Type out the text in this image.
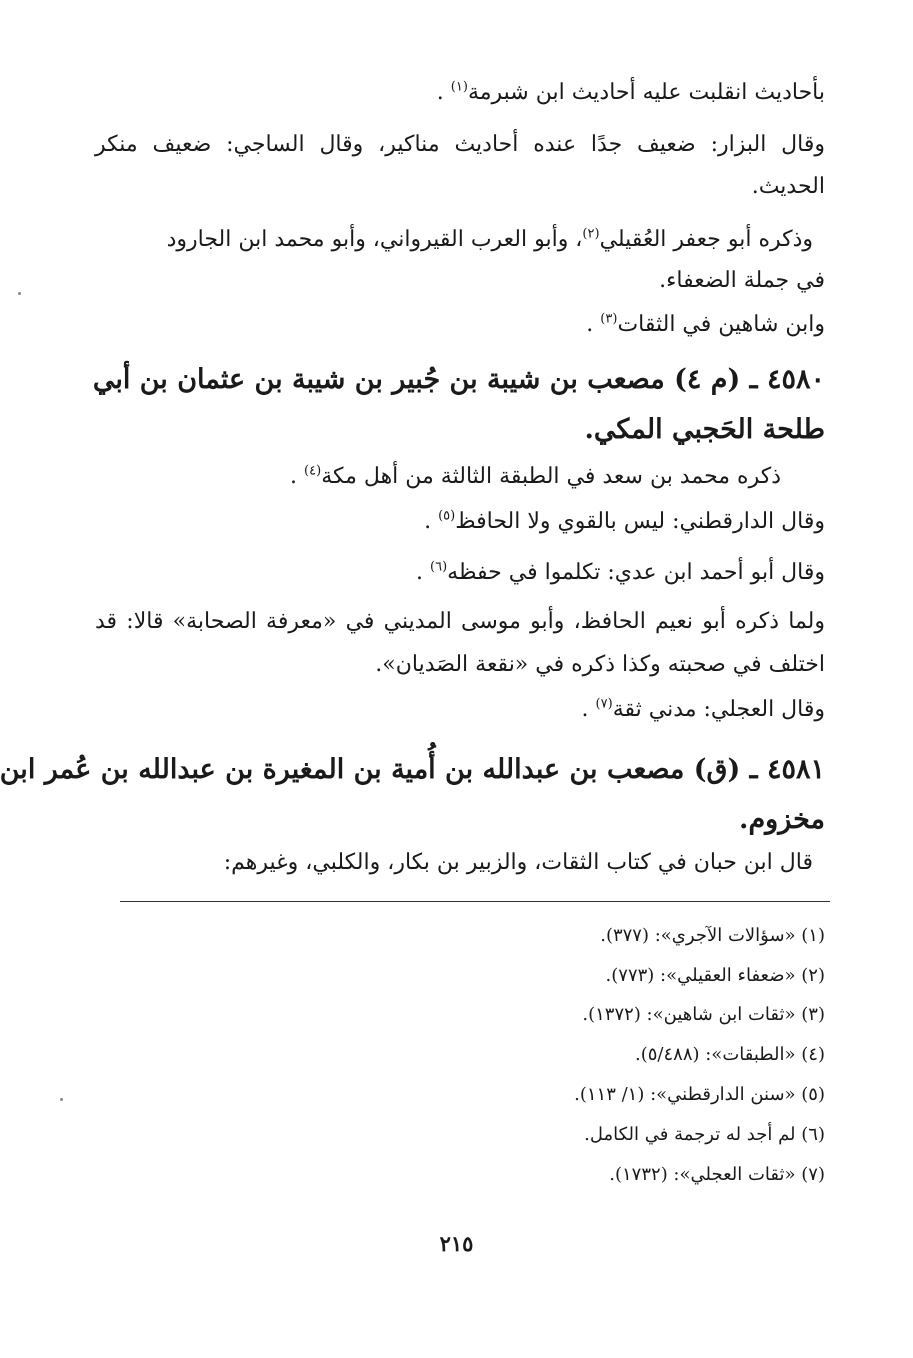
بأحاديث انقلبت عليه أحاديث ابن شبرمة$^{(١)}$ .
وقال البزار: ضعيف جدًا عنده أحاديث مناكير، وقال الساجي: ضعيف منكر
الحديث.
وذكره أبو جعفر العُقيلي$^{(٢)}$، وأبو العرب القيرواني، وأبو محمد ابن الجارود
في جملة الضعفاء.
وابن شاهين في الثقات$^{(٣)}$ .
٤٥٨٠ ـ (م ٤) مصعب بن شيبة بن جُبير بن شيبة بن عثمان بن أبي
طلحة الحَجبي المكي.
ذكره محمد بن سعد في الطبقة الثالثة من أهل مكة$^{(٤)}$ .
وقال الدارقطني: ليس بالقوي ولا الحافظ$^{(٥)}$ .
وقال أبو أحمد ابن عدي: تكلموا في حفظه$^{(٦)}$ .
ولما ذكره أبو نعيم الحافظ، وأبو موسى المديني في «معرفة الصحابة» قالا: قد
اختلف في صحبته وكذا ذكره في «نقعة الصَديان».
وقال العجلي: مدني ثقة$^{(٧)}$ .
٤٥٨١ ـ (ق) مصعب بن عبدالله بن أُمية بن المغيرة بن عبدالله بن عُمر ابن
مخزوم.
قال ابن حبان في كتاب الثقات، والزبير بن بكار، والكلبي، وغيرهم:
(١) «سؤالات الآجري»: (٣٧٧).
(٢) «ضعفاء العقيلي»: (٧٧٣).
(٣) «ثقات ابن شاهين»: (١٣٧٢).
(٤) «الطبقات»: (٥/٤٨٨).
(٥) «سنن الدارقطني»: (١/ ١١٣).
(٦) لم أجد له ترجمة في الكامل.
(٧) «ثقات العجلي»: (١٧٣٢).
٢١٥
